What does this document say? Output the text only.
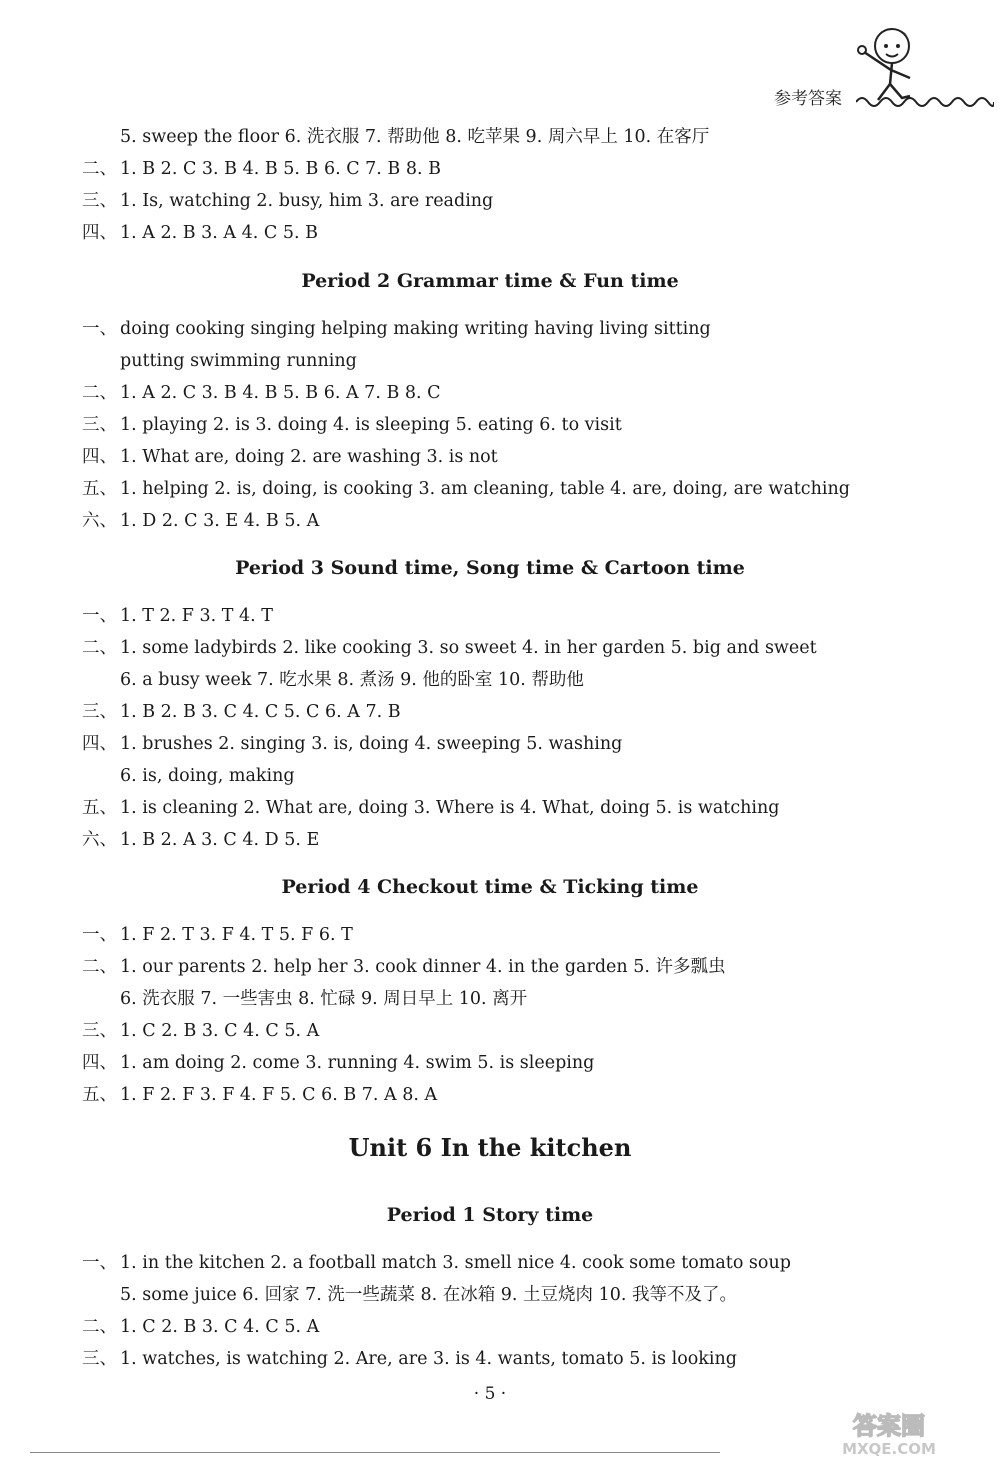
参考答案
5. sweep the floor 6. 洗衣服 7. 帮助他 8. 吃苹果 9. 周六早上 10. 在客厅
二、 1. B 2. C 3. B 4. B 5. B 6. C 7. B 8. B
三、 1. Is, watching 2. busy, him 3. are reading
四、 1. A 2. B 3. A 4. C 5. B
Period 2 Grammar time & Fun time
一、 doing cooking singing helping making writing having living sitting
putting swimming running
二、 1. A 2. C 3. B 4. B 5. B 6. A 7. B 8. C
三、 1. playing 2. is 3. doing 4. is sleeping 5. eating 6. to visit
四、 1. What are, doing 2. are washing 3. is not
五、 1. helping 2. is, doing, is cooking 3. am cleaning, table 4. are, doing, are watching
六、 1. D 2. C 3. E 4. B 5. A
Period 3 Sound time, Song time & Cartoon time
一、 1. T 2. F 3. T 4. T
二、 1. some ladybirds 2. like cooking 3. so sweet 4. in her garden 5. big and sweet
6. a busy week 7. 吃水果 8. 煮汤 9. 他的卧室 10. 帮助他
三、 1. B 2. B 3. C 4. C 5. C 6. A 7. B
四、 1. brushes 2. singing 3. is, doing 4. sweeping 5. washing
6. is, doing, making
五、 1. is cleaning 2. What are, doing 3. Where is 4. What, doing 5. is watching
六、 1. B 2. A 3. C 4. D 5. E
Period 4 Checkout time & Ticking time
一、 1. F 2. T 3. F 4. T 5. F 6. T
二、 1. our parents 2. help her 3. cook dinner 4. in the garden 5. 许多瓢虫
6. 洗衣服 7. 一些害虫 8. 忙碌 9. 周日早上 10. 离开
三、 1. C 2. B 3. C 4. C 5. A
四、 1. am doing 2. come 3. running 4. swim 5. is sleeping
五、 1. F 2. F 3. F 4. F 5. C 6. B 7. A 8. A
Unit 6 In the kitchen
Period 1 Story time
一、 1. in the kitchen 2. a football match 3. smell nice 4. cook some tomato soup
5. some juice 6. 回家 7. 洗一些蔬菜 8. 在冰箱 9. 土豆烧肉 10. 我等不及了。
二、 1. C 2. B 3. C 4. C 5. A
三、 1. watches, is watching 2. Are, are 3. is 4. wants, tomato 5. is looking
· 5 ·
答案圈
MXQE.COM
